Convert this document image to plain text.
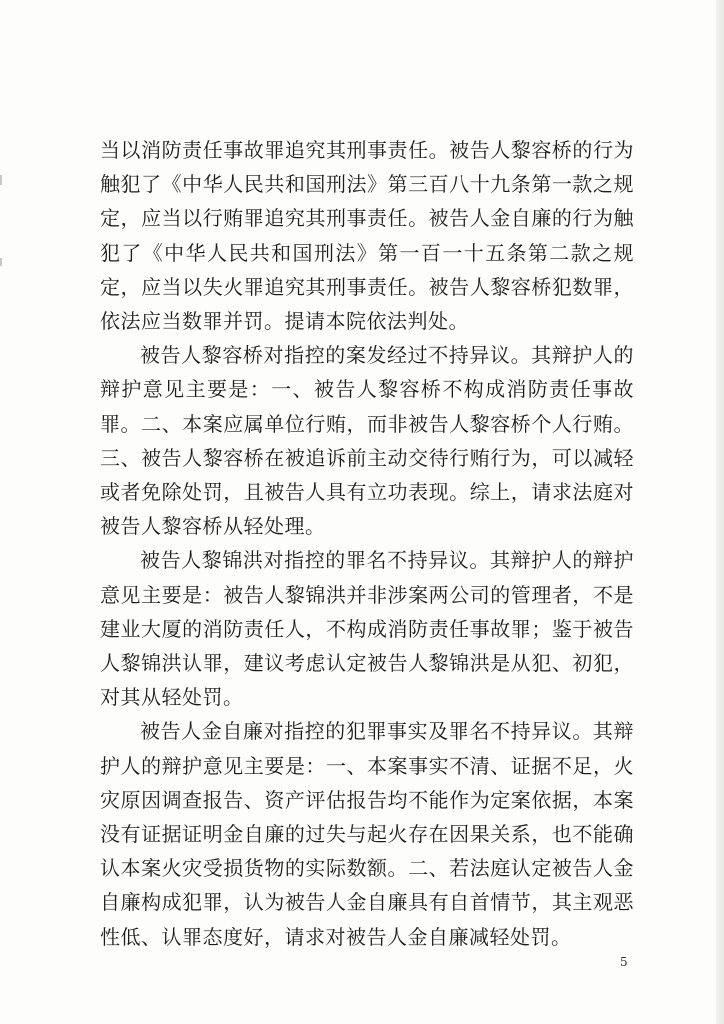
当以消防责任事故罪追究其刑事责任。被告人黎容桥的行为触犯了《中华人民共和国刑法》第三百八十九条第一款之规定，应当以行贿罪追究其刑事责任。被告人金自廉的行为触犯了《中华人民共和国刑法》第一百一十五条第二款之规定，应当以失火罪追究其刑事责任。被告人黎容桥犯数罪，依法应当数罪并罚。提请本院依法判处。

被告人黎容桥对指控的案发经过不持异议。其辩护人的辩护意见主要是：一、被告人黎容桥不构成消防责任事故罪。二、本案应属单位行贿，而非被告人黎容桥个人行贿。三、被告人黎容桥在被追诉前主动交待行贿行为，可以减轻或者免除处罚，且被告人具有立功表现。综上，请求法庭对被告人黎容桥从轻处理。

被告人黎锦洪对指控的罪名不持异议。其辩护人的辩护意见主要是：被告人黎锦洪并非涉案两公司的管理者，不是建业大厦的消防责任人，不构成消防责任事故罪；鉴于被告人黎锦洪认罪，建议考虑认定被告人黎锦洪是从犯、初犯，对其从轻处罚。

被告人金自廉对指控的犯罪事实及罪名不持异议。其辩护人的辩护意见主要是：一、本案事实不清、证据不足，火灾原因调查报告、资产评估报告均不能作为定案依据，本案没有证据证明金自廉的过失与起火存在因果关系，也不能确认本案火灾受损货物的实际数额。二、若法庭认定被告人金自廉构成犯罪，认为被告人金自廉具有自首情节，其主观恶性低、认罪态度好，请求对被告人金自廉减轻处罚。

5
